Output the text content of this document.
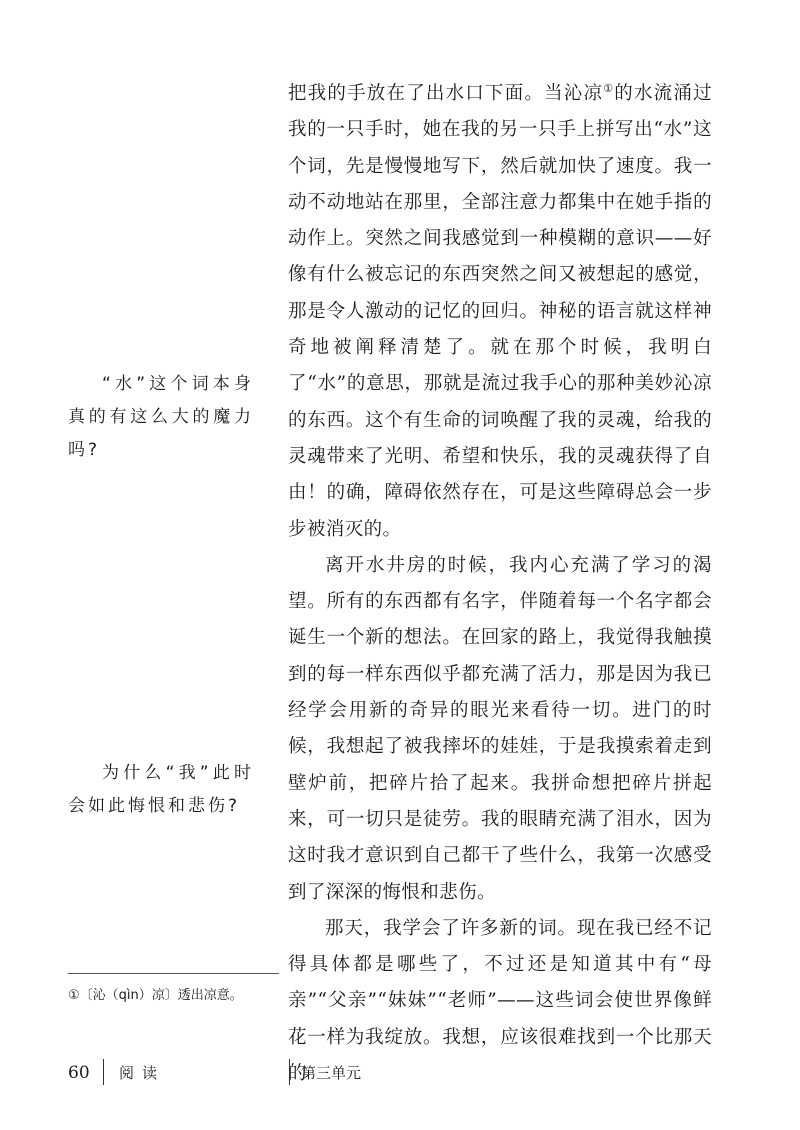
把我的手放在了出水口下面。当沁凉①的水流涌过我的一只手时，她在我的另一只手上拼写出“水”这个词，先是慢慢地写下，然后就加快了速度。我一动不动地站在那里，全部注意力都集中在她手指的动作上。突然之间我感觉到一种模糊的意识——好像有什么被忘记的东西突然之间又被想起的感觉，那是令人激动的记忆的回归。神秘的语言就这样神奇地被阐释清楚了。就在那个时候，我明白了“水”的意思，那就是流过我手心的那种美妙沁凉的东西。这个有生命的词唤醒了我的灵魂，给我的灵魂带来了光明、希望和快乐，我的灵魂获得了自由！的确，障碍依然存在，可是这些障碍总会一步步被消灭的。

离开水井房的时候，我内心充满了学习的渴望。所有的东西都有名字，伴随着每一个名字都会诞生一个新的想法。在回家的路上，我觉得我触摸到的每一样东西似乎都充满了活力，那是因为我已经学会用新的奇异的眼光来看待一切。进门的时候，我想起了被我摔坏的娃娃，于是我摸索着走到壁炉前，把碎片拾了起来。我拼命想把碎片拼起来，可一切只是徒劳。我的眼睛充满了泪水，因为这时我才意识到自己都干了些什么，我第一次感受到了深深的悔恨和悲伤。

那天，我学会了许多新的词。现在我已经不记得具体都是哪些了，不过还是知道其中有“母亲”“父亲”“妹妹”“老师”——这些词会使世界像鲜花一样为我绽放。我想，应该很难找到一个比那天的

“水”这个词本身真的有这么大的魔力吗?

为什么“我”此时会如此悔恨和悲伤?

①〔沁（qìn）凉〕透出凉意。

60 阅读	第三单元
